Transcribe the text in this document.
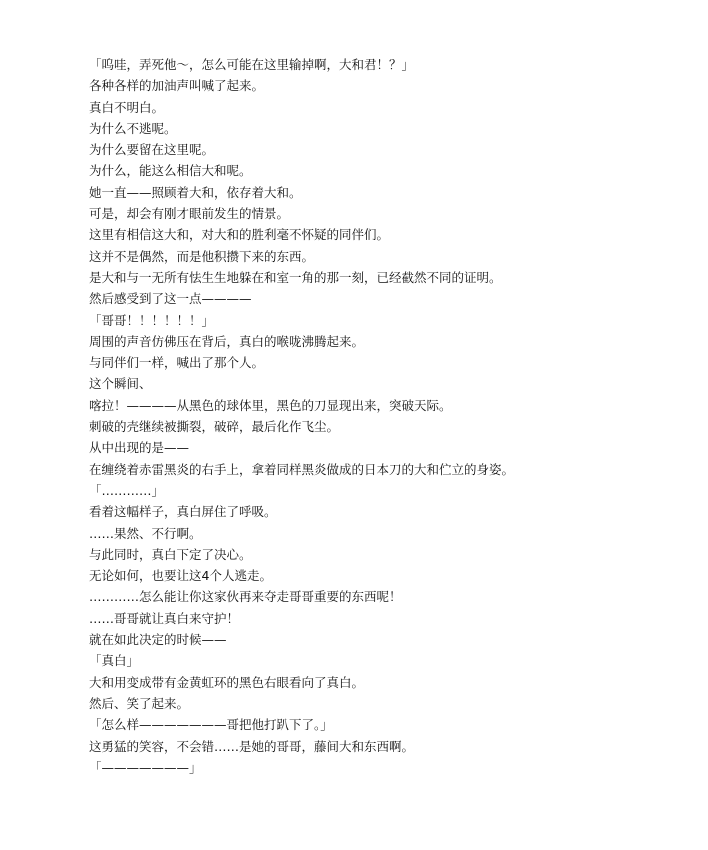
「呜哇，弄死他～，怎么可能在这里输掉啊，大和君！？」
各种各样的加油声叫喊了起来。
真白不明白。
为什么不逃呢。
为什么要留在这里呢。
为什么，能这么相信大和呢。
她一直——照顾着大和，依存着大和。
可是，却会有刚才眼前发生的情景。
这里有相信这大和，对大和的胜利毫不怀疑的同伴们。
这并不是偶然，而是他积攒下来的东西。
是大和与一无所有怯生生地躲在和室一角的那一刻，已经截然不同的证明。
然后感受到了这一点————
「哥哥！！！！！！」
周围的声音仿佛压在背后，真白的喉咙沸腾起来。
与同伴们一样，喊出了那个人。
这个瞬间、
喀拉！————从黑色的球体里，黑色的刀显现出来，突破天际。
刺破的壳继续被撕裂，破碎，最后化作飞尘。
从中出现的是——
在缠绕着赤雷黑炎的右手上，拿着同样黑炎做成的日本刀的大和伫立的身姿。
「…………」
看着这幅样子，真白屏住了呼吸。
……果然、不行啊。
与此同时，真白下定了决心。
无论如何，也要让这4个人逃走。
…………怎么能让你这家伙再来夺走哥哥重要的东西呢！
……哥哥就让真白来守护！
就在如此决定的时候——
「真白」
大和用变成带有金黄虹环的黑色右眼看向了真白。
然后、笑了起来。
「怎么样———————哥把他打趴下了。」
这勇猛的笑容，不会错……是她的哥哥，藤间大和东西啊。
「———————」
